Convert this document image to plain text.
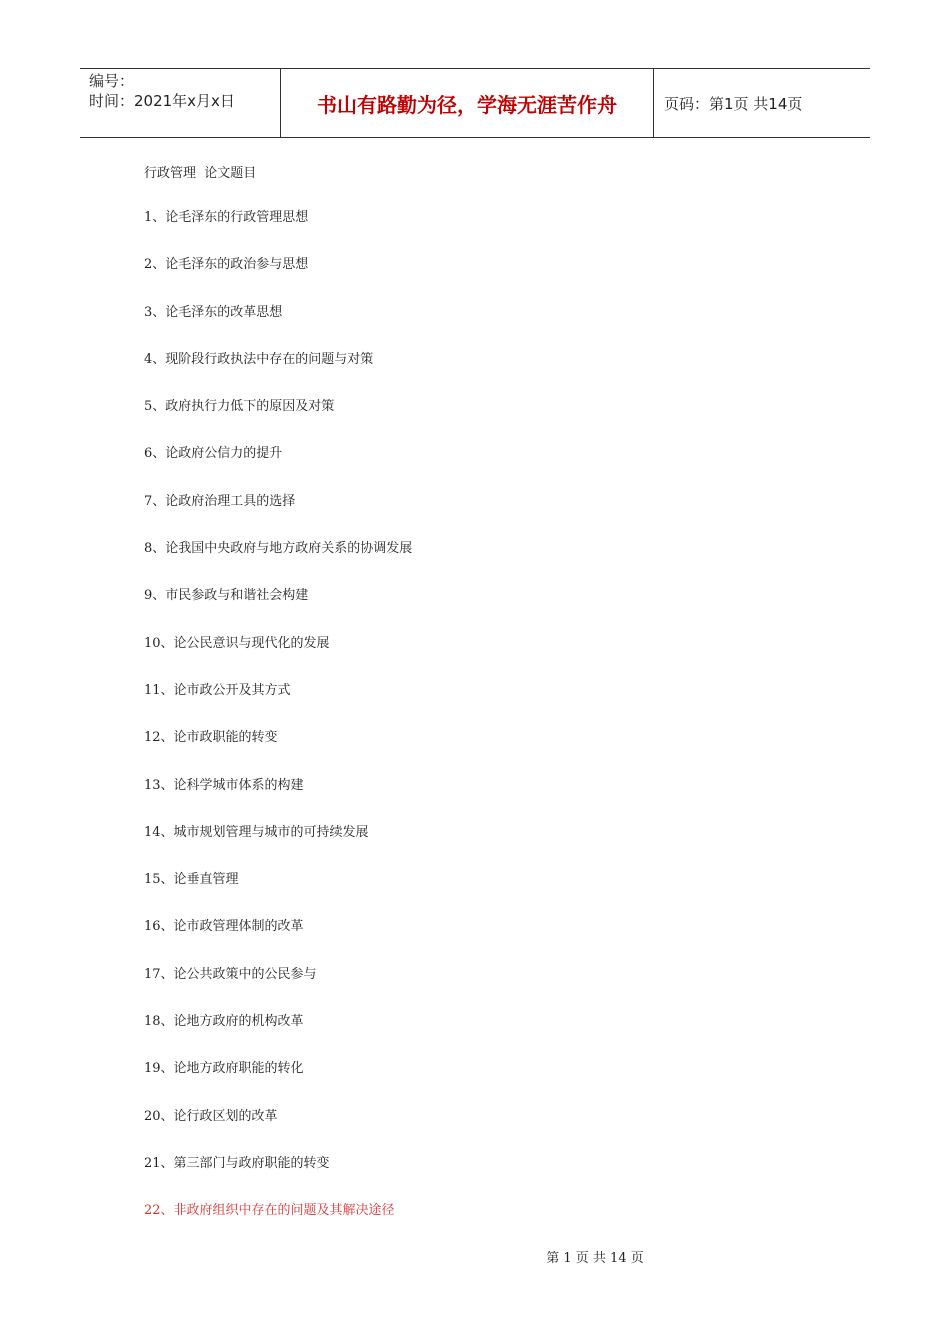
编号：
时间：2021年x月x日	书山有路勤为径，学海无涯苦作舟	页码：第1页 共14页
行政管理  论文题目
1、论毛泽东的行政管理思想
2、论毛泽东的政治参与思想
3、论毛泽东的改革思想
4、现阶段行政执法中存在的问题与对策
5、政府执行力低下的原因及对策
6、论政府公信力的提升
7、论政府治理工具的选择
8、论我国中央政府与地方政府关系的协调发展
9、市民参政与和谐社会构建
10、论公民意识与现代化的发展
11、论市政公开及其方式
12、论市政职能的转变
13、论科学城市体系的构建
14、城市规划管理与城市的可持续发展
15、论垂直管理
16、论市政管理体制的改革
17、论公共政策中的公民参与
18、论地方政府的机构改革
19、论地方政府职能的转化
20、论行政区划的改革
21、第三部门与政府职能的转变
22、非政府组织中存在的问题及其解决途径
第 1 页 共 14 页
